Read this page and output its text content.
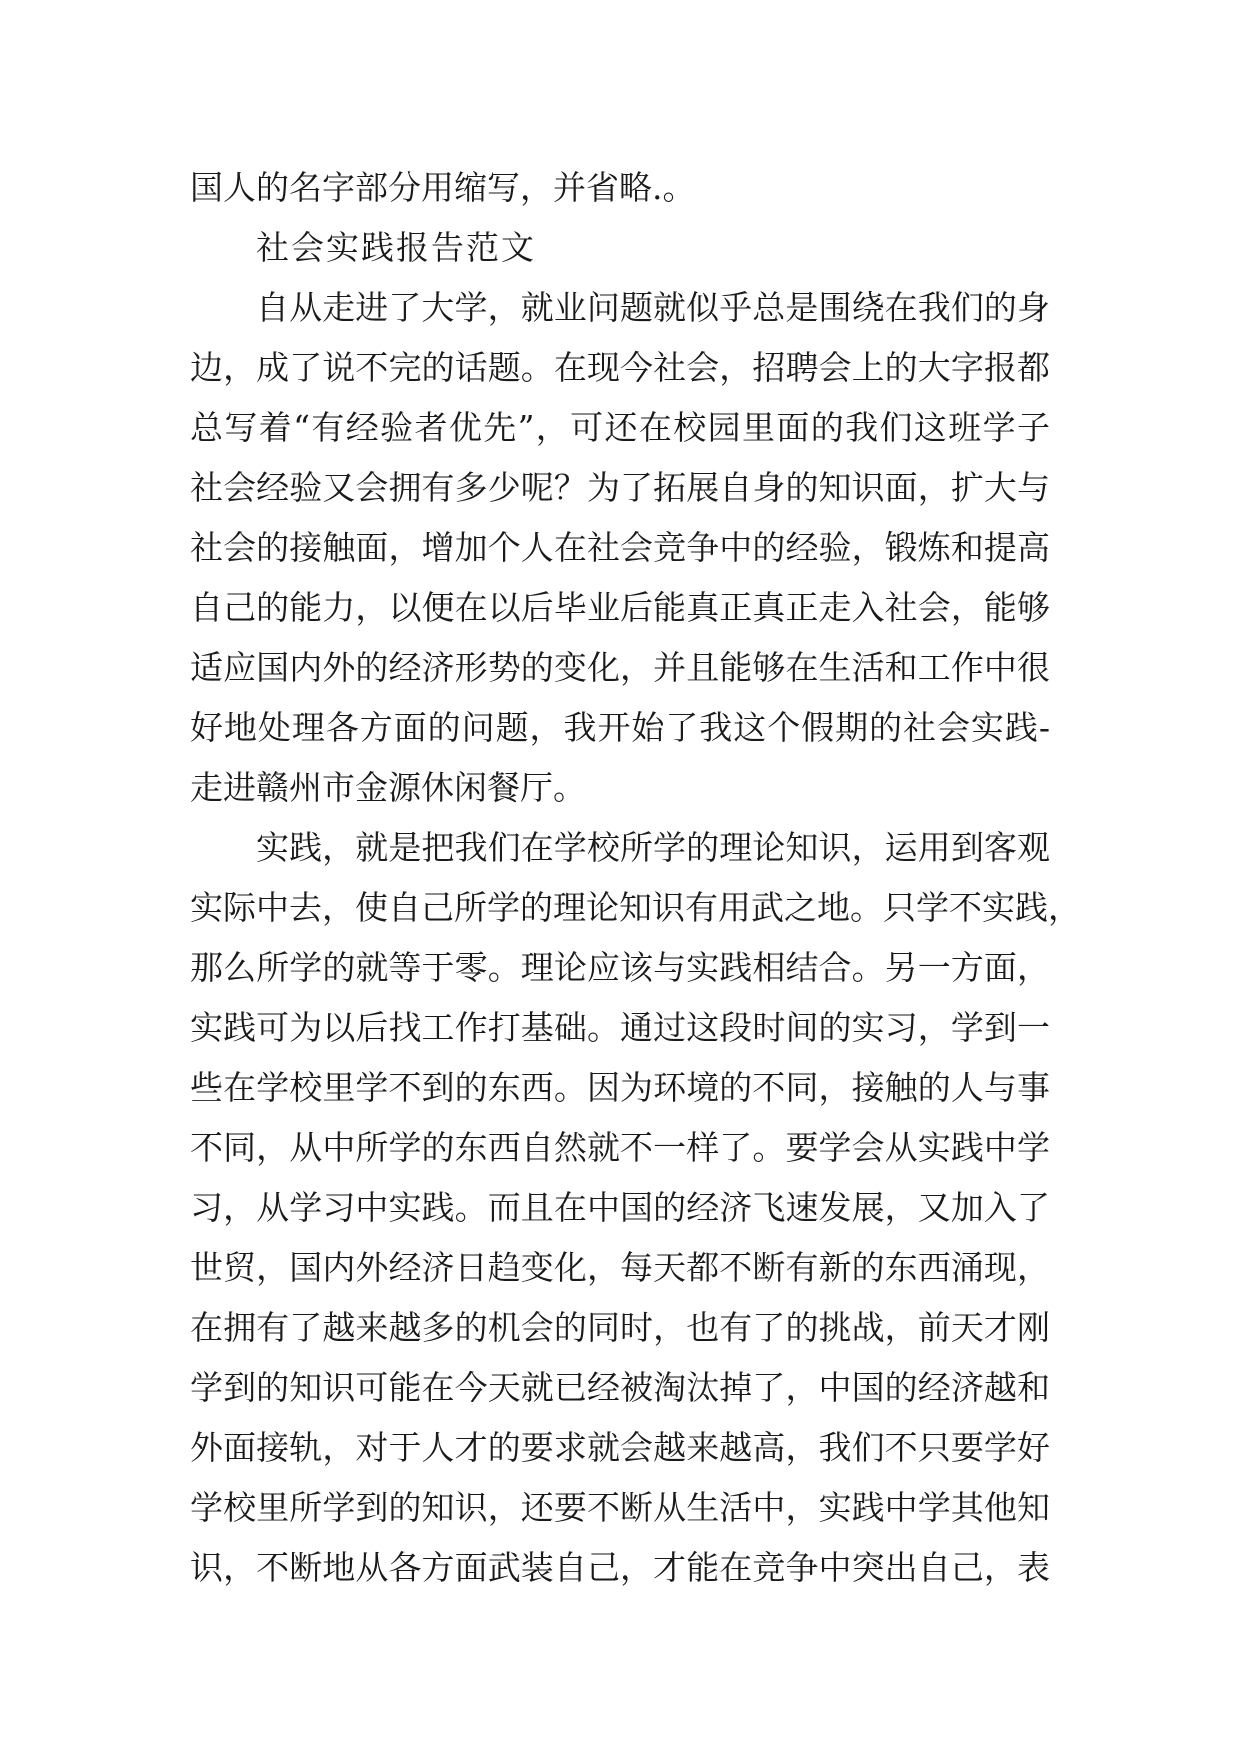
国人的名字部分用缩写，并省略.。
社会实践报告范文
自从走进了大学，就业问题就似乎总是围绕在我们的身
边，成了说不完的话题。在现今社会，招聘会上的大字报都
总写着“有经验者优先”，可还在校园里面的我们这班学子
社会经验又会拥有多少呢？为了拓展自身的知识面，扩大与
社会的接触面，增加个人在社会竞争中的经验，锻炼和提高
自己的能力，以便在以后毕业后能真正真正走入社会，能够
适应国内外的经济形势的变化，并且能够在生活和工作中很
好地处理各方面的问题，我开始了我这个假期的社会实践-
走进赣州市金源休闲餐厅。
实践，就是把我们在学校所学的理论知识，运用到客观
实际中去，使自己所学的理论知识有用武之地。只学不实践，
那么所学的就等于零。理论应该与实践相结合。另一方面，
实践可为以后找工作打基础。通过这段时间的实习，学到一
些在学校里学不到的东西。因为环境的不同，接触的人与事
不同，从中所学的东西自然就不一样了。要学会从实践中学
习，从学习中实践。而且在中国的经济飞速发展，又加入了
世贸，国内外经济日趋变化，每天都不断有新的东西涌现，
在拥有了越来越多的机会的同时，也有了的挑战，前天才刚
学到的知识可能在今天就已经被淘汰掉了，中国的经济越和
外面接轨，对于人才的要求就会越来越高，我们不只要学好
学校里所学到的知识，还要不断从生活中，实践中学其他知
识，不断地从各方面武装自己，才能在竞争中突出自己，表
